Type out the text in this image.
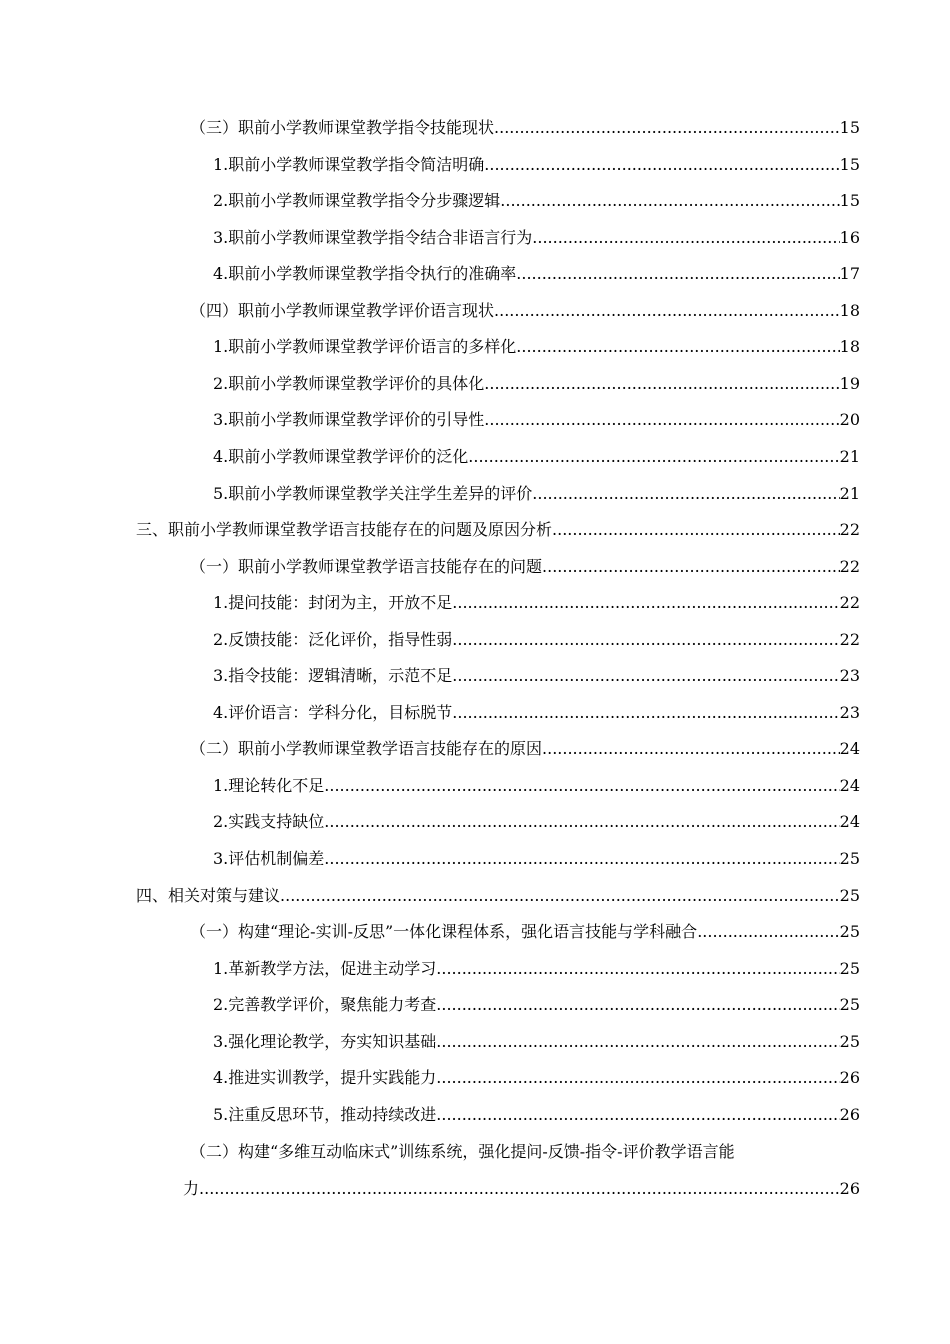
（三）职前小学教师课堂教学指令技能现状 .....	15
1.职前小学教师课堂教学指令简洁明确 .....	15
2.职前小学教师课堂教学指令分步骤逻辑 .....	15
3.职前小学教师课堂教学指令结合非语言行为 .....	16
4.职前小学教师课堂教学指令执行的准确率 .....	17
（四）职前小学教师课堂教学评价语言现状 .....	18
1.职前小学教师课堂教学评价语言的多样化 .....	18
2.职前小学教师课堂教学评价的具体化 .....	19
3.职前小学教师课堂教学评价的引导性 .....	20
4.职前小学教师课堂教学评价的泛化 .....	21
5.职前小学教师课堂教学关注学生差异的评价 .....	21
三、职前小学教师课堂教学语言技能存在的问题及原因分析 .....	22
（一）职前小学教师课堂教学语言技能存在的问题 .....	22
1.提问技能：封闭为主，开放不足 .....	22
2.反馈技能：泛化评价，指导性弱 .....	22
3.指令技能：逻辑清晰，示范不足 .....	23
4.评价语言：学科分化，目标脱节 .....	23
（二）职前小学教师课堂教学语言技能存在的原因 .....	24
1.理论转化不足 .....	24
2.实践支持缺位 .....	24
3.评估机制偏差 .....	25
四、相关对策与建议 .....	25
（一）构建“理论-实训-反思”一体化课程体系，强化语言技能与学科融合 .....	25
1.革新教学方法，促进主动学习 .....	25
2.完善教学评价，聚焦能力考查 .....	25
3.强化理论教学，夯实知识基础 .....	25
4.推进实训教学，提升实践能力 .....	26
5.注重反思环节，推动持续改进 .....	26
（二）构建“多维互动临床式”训练系统，强化提问-反馈-指令-评价教学语言能
力 .....	26
